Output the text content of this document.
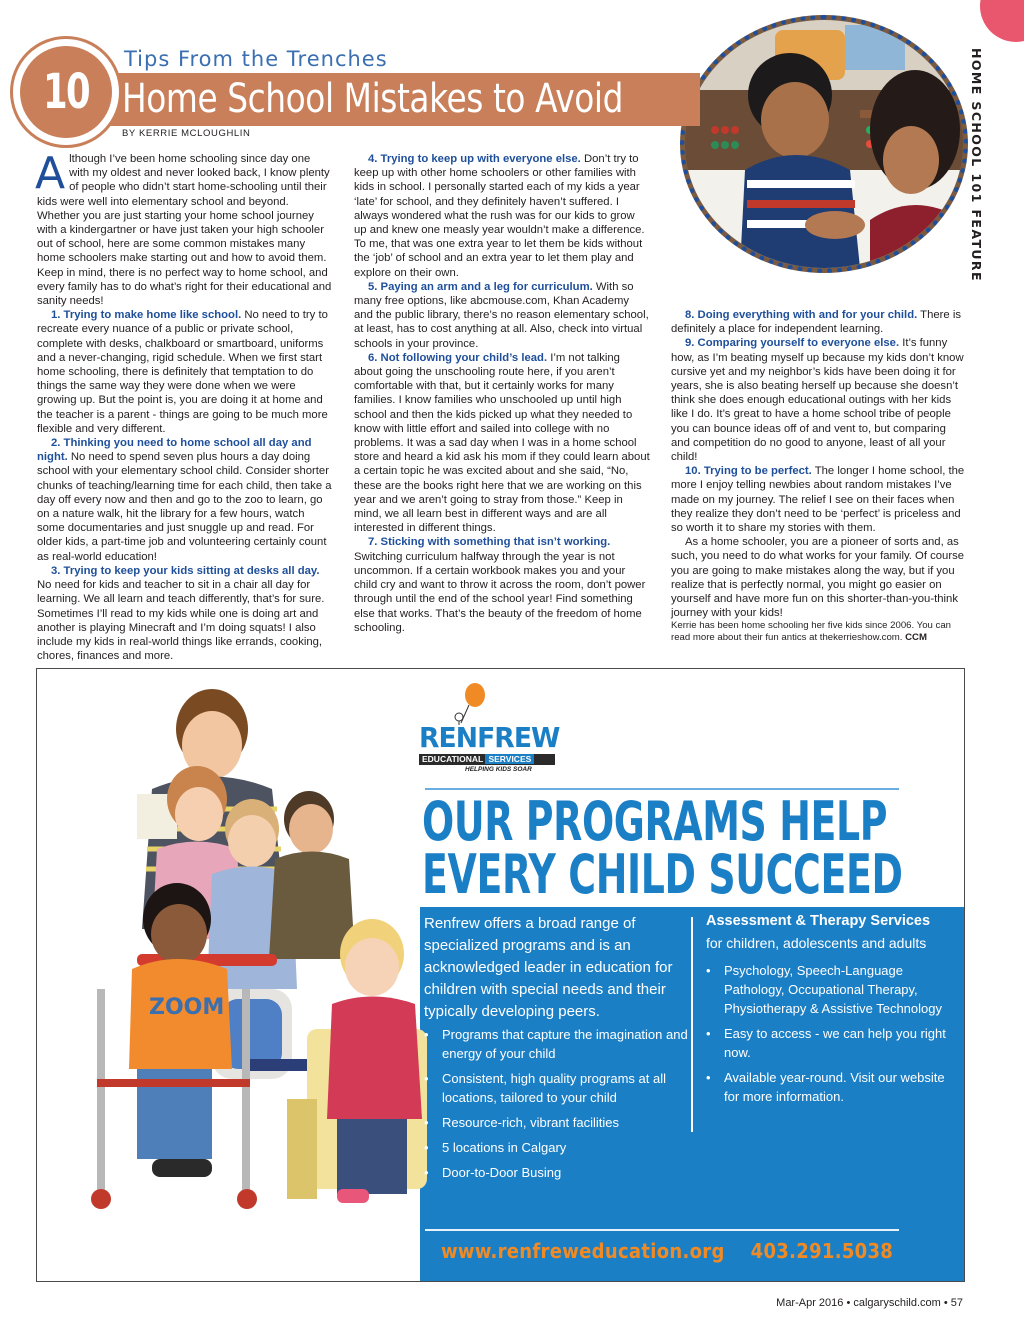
HOME SCHOOL 101 FEATURE
10
Tips From the Trenches
Home School Mistakes to Avoid
BY KERRIE MCLOUGHLIN

Although I’ve been home schooling since day one with my oldest and never looked back, I know plenty of people who didn’t start home-schooling until their kids were well into elementary school and beyond. Whether you are just starting your home school journey with a kindergartner or have just taken your high schooler out of school, here are some common mistakes many home schoolers make starting out and how to avoid them. Keep in mind, there is no perfect way to home school, and every family has to do what’s right for their educational and sanity needs!

1. Trying to make home like school. No need to try to recreate every nuance of a public or private school, complete with desks, chalkboard or smartboard, uniforms and a never-changing, rigid schedule. When we first start home schooling, there is definitely that temptation to do things the same way they were done when we were growing up. But the point is, you are doing it at home and the teacher is a parent - things are going to be much more flexible and very different.

2. Thinking you need to home school all day and night. No need to spend seven plus hours a day doing school with your elementary school child. Consider shorter chunks of teaching/learning time for each child, then take a day off every now and then and go to the zoo to learn, go on a nature walk, hit the library for a few hours, watch some documentaries and just snuggle up and read. For older kids, a part-time job and volunteering certainly count as real-world education!

3. Trying to keep your kids sitting at desks all day. No need for kids and teacher to sit in a chair all day for learning. We all learn and teach differently, that’s for sure. Sometimes I’ll read to my kids while one is doing art and another is playing Minecraft and I’m doing squats! I also include my kids in real-world things like errands, cooking, chores, finances and more.

4. Trying to keep up with everyone else. Don’t try to keep up with other home schoolers or other families with kids in school. I personally started each of my kids a year ‘late’ for school, and they definitely haven’t suffered. I always wondered what the rush was for our kids to grow up and knew one measly year wouldn’t make a difference. To me, that was one extra year to let them be kids without the ‘job’ of school and an extra year to let them play and explore on their own.

5. Paying an arm and a leg for curriculum. With so many free options, like abcmouse.com, Khan Academy and the public library, there’s no reason elementary school, at least, has to cost anything at all. Also, check into virtual schools in your province.

6. Not following your child’s lead. I’m not talking about going the unschooling route here, if you aren’t comfortable with that, but it certainly works for many families. I know families who unschooled up until high school and then the kids picked up what they needed to know with little effort and sailed into college with no problems. It was a sad day when I was in a home school store and heard a kid ask his mom if they could learn about a certain topic he was excited about and she said, “No, these are the books right here that we are working on this year and we aren’t going to stray from those.” Keep in mind, we all learn best in different ways and are all interested in different things.

7. Sticking with something that isn’t working. Switching curriculum halfway through the year is not uncommon. If a certain workbook makes you and your child cry and want to throw it across the room, don’t power through until the end of the school year! Find something else that works. That’s the beauty of the freedom of home schooling.

8. Doing everything with and for your child. There is definitely a place for independent learning.

9. Comparing yourself to everyone else. It’s funny how, as I’m beating myself up because my kids don’t know cursive yet and my neighbor’s kids have been doing it for years, she is also beating herself up because she doesn’t think she does enough educational outings with her kids like I do. It’s great to have a home school tribe of people you can bounce ideas off of and vent to, but comparing and competition do no good to anyone, least of all your child!

10. Trying to be perfect. The longer I home school, the more I enjoy telling newbies about random mistakes I’ve made on my journey. The relief I see on their faces when they realize they don’t need to be ‘perfect’ is priceless and so worth it to share my stories with them.

As a home schooler, you are a pioneer of sorts and, as such, you need to do what works for your family. Of course you are going to make mistakes along the way, but if you realize that is perfectly normal, you might go easier on yourself and have more fun on this shorter-than-you-think journey with your kids!

Kerrie has been home schooling her five kids since 2006. You can read more about their fun antics at thekerrieshow.com. CCM

ZOOM
RENFREW
EDUCATIONAL SERVICES
HELPING KIDS SOAR
OUR PROGRAMS HELP
EVERY CHILD SUCCEED
Renfrew offers a broad range of specialized programs and is an acknowledged leader in education for children with special needs and their typically developing peers.
• Programs that capture the imagination and energy of your child
• Consistent, high quality programs at all locations, tailored to your child
• Resource-rich, vibrant facilities
• 5 locations in Calgary
• Door-to-Door Busing
Assessment & Therapy Services
for children, adolescents and adults
• Psychology, Speech-Language Pathology, Occupational Therapy, Physiotherapy & Assistive Technology
• Easy to access - we can help you right now.
• Available year-round. Visit our website for more information.
www.renfreweducation.org 403.291.5038
Mar-Apr 2016 • calgaryschild.com • 57
